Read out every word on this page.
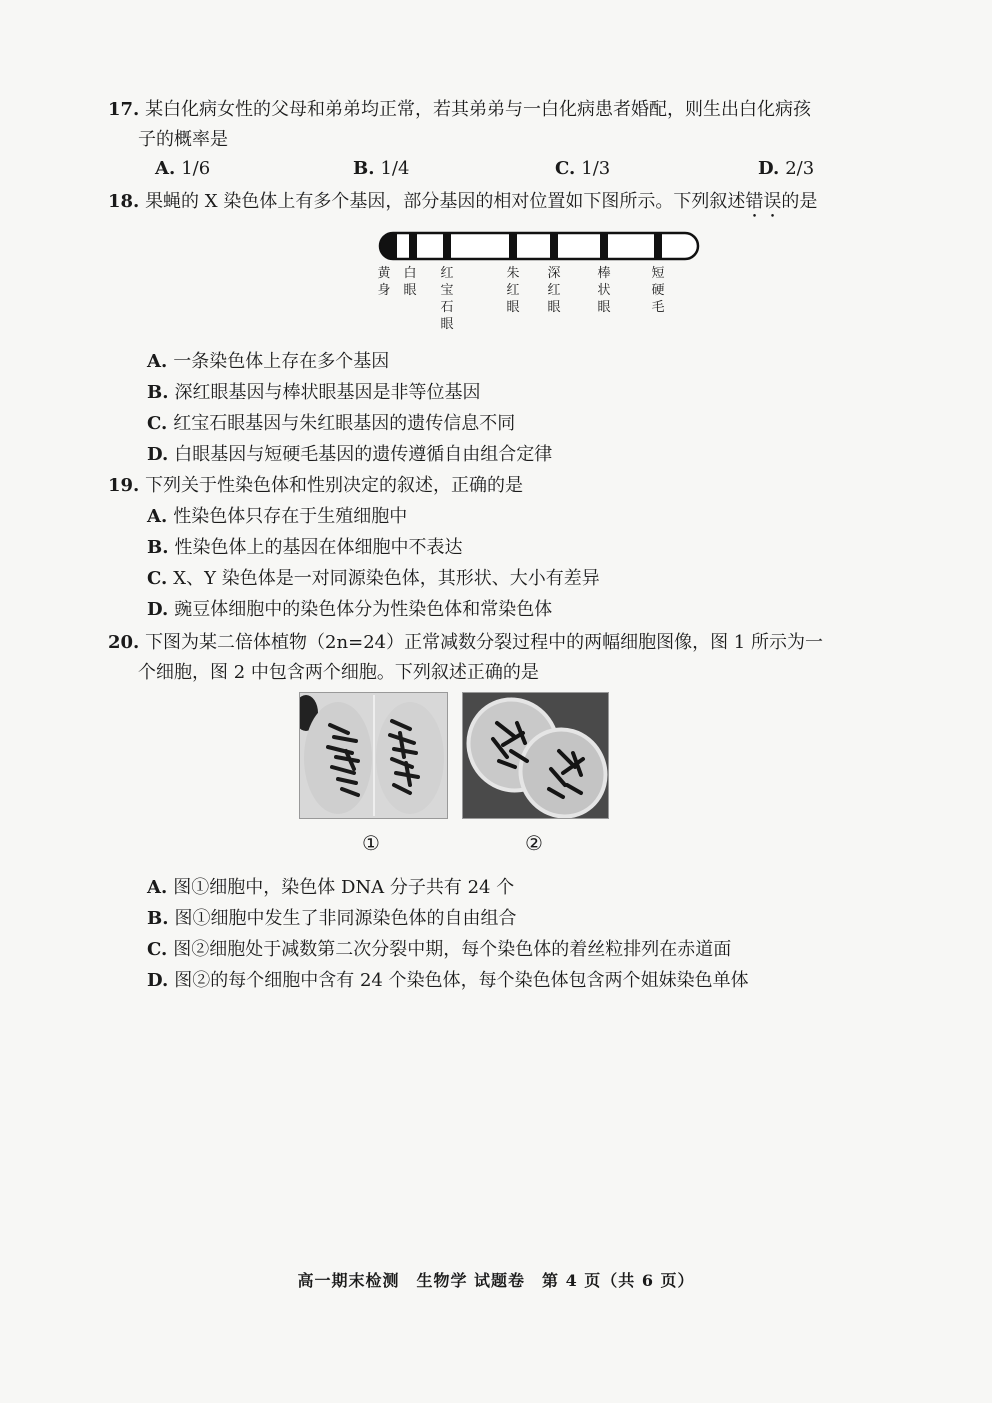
17. 某白化病女性的父母和弟弟均正常，若其弟弟与一白化病患者婚配，则生出白化病孩
子的概率是
A. 1/6	B. 1/4	C. 1/3	D. 2/3
18. 果蝇的 X 染色体上有多个基因，部分基因的相对位置如下图所示。下列叙述错误的是
黄身
白眼
红宝石眼
朱红眼
深红眼
棒状眼
短硬毛
A. 一条染色体上存在多个基因
B. 深红眼基因与棒状眼基因是非等位基因
C. 红宝石眼基因与朱红眼基因的遗传信息不同
D. 白眼基因与短硬毛基因的遗传遵循自由组合定律
19. 下列关于性染色体和性别决定的叙述，正确的是
A. 性染色体只存在于生殖细胞中
B. 性染色体上的基因在体细胞中不表达
C. X、Y 染色体是一对同源染色体，其形状、大小有差异
D. 豌豆体细胞中的染色体分为性染色体和常染色体
20. 下图为某二倍体植物（2n=24）正常减数分裂过程中的两幅细胞图像，图 1 所示为一
个细胞，图 2 中包含两个细胞。下列叙述正确的是
①	②
A. 图①细胞中，染色体 DNA 分子共有 24 个
B. 图①细胞中发生了非同源染色体的自由组合
C. 图②细胞处于减数第二次分裂中期，每个染色体的着丝粒排列在赤道面
D. 图②的每个细胞中含有 24 个染色体，每个染色体包含两个姐妹染色单体
高一期末检测　生物学 试题卷　第 4 页（共 6 页）
